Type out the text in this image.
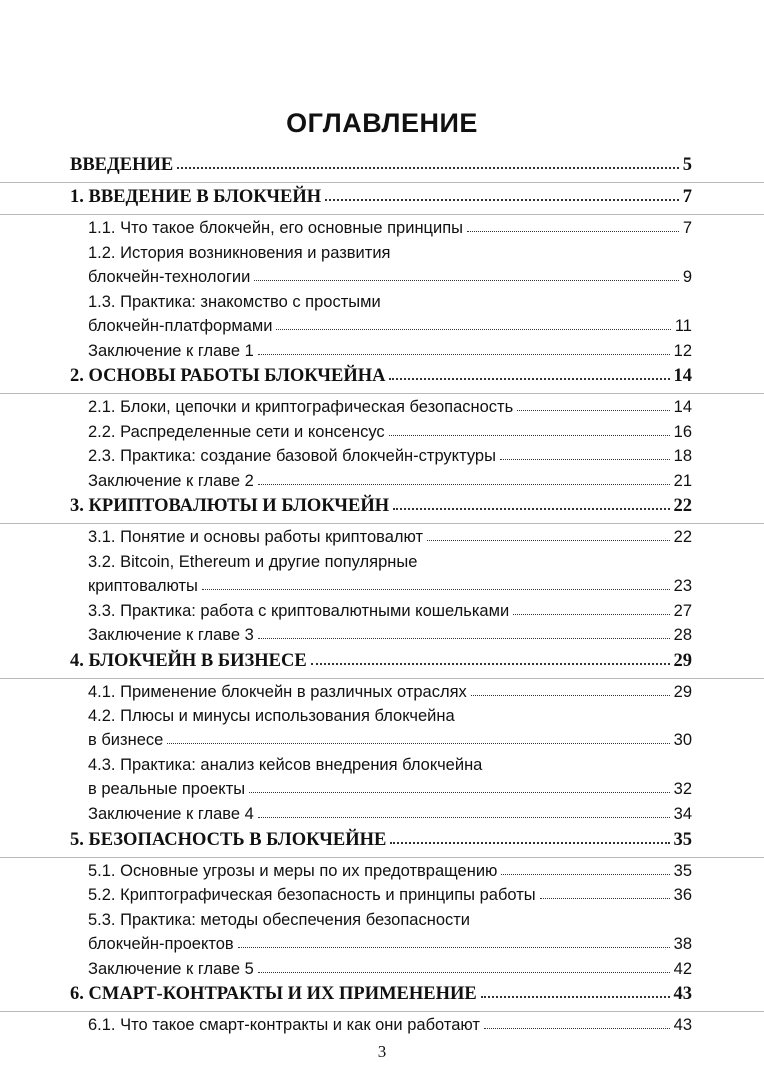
ОГЛАВЛЕНИЕ
ВВЕДЕНИЕ	5
1. ВВЕДЕНИЕ В БЛОКЧЕЙН	7
1.1. Что такое блокчейн, его основные принципы	7
1.2. История возникновения и развития
блокчейн-технологии	9
1.3. Практика: знакомство с простыми
блокчейн-платформами	11
Заключение к главе 1	12
2. ОСНОВЫ РАБОТЫ БЛОКЧЕЙНА	14
2.1. Блоки, цепочки и криптографическая безопасность	14
2.2. Распределенные сети и консенсус	16
2.3. Практика: создание базовой блокчейн-структуры	18
Заключение к главе 2	21
3. КРИПТОВАЛЮТЫ И БЛОКЧЕЙН	22
3.1. Понятие и основы работы криптовалют	22
3.2. Bitcoin, Ethereum и другие популярные
криптовалюты	23
3.3. Практика: работа с криптовалютными кошельками	27
Заключение к главе 3	28
4. БЛОКЧЕЙН В БИЗНЕСЕ	29
4.1. Применение блокчейн в различных отраслях	29
4.2. Плюсы и минусы использования блокчейна
в бизнесе	30
4.3. Практика: анализ кейсов внедрения блокчейна
в реальные проекты	32
Заключение к главе 4	34
5. БЕЗОПАСНОСТЬ В БЛОКЧЕЙНЕ	35
5.1. Основные угрозы и меры по их предотвращению	35
5.2. Криптографическая безопасность и принципы работы	36
5.3. Практика: методы обеспечения безопасности
блокчейн-проектов	38
Заключение к главе 5	42
6. СМАРТ-КОНТРАКТЫ И ИХ ПРИМЕНЕНИЕ	43
6.1. Что такое смарт-контракты и как они работают	43
3
